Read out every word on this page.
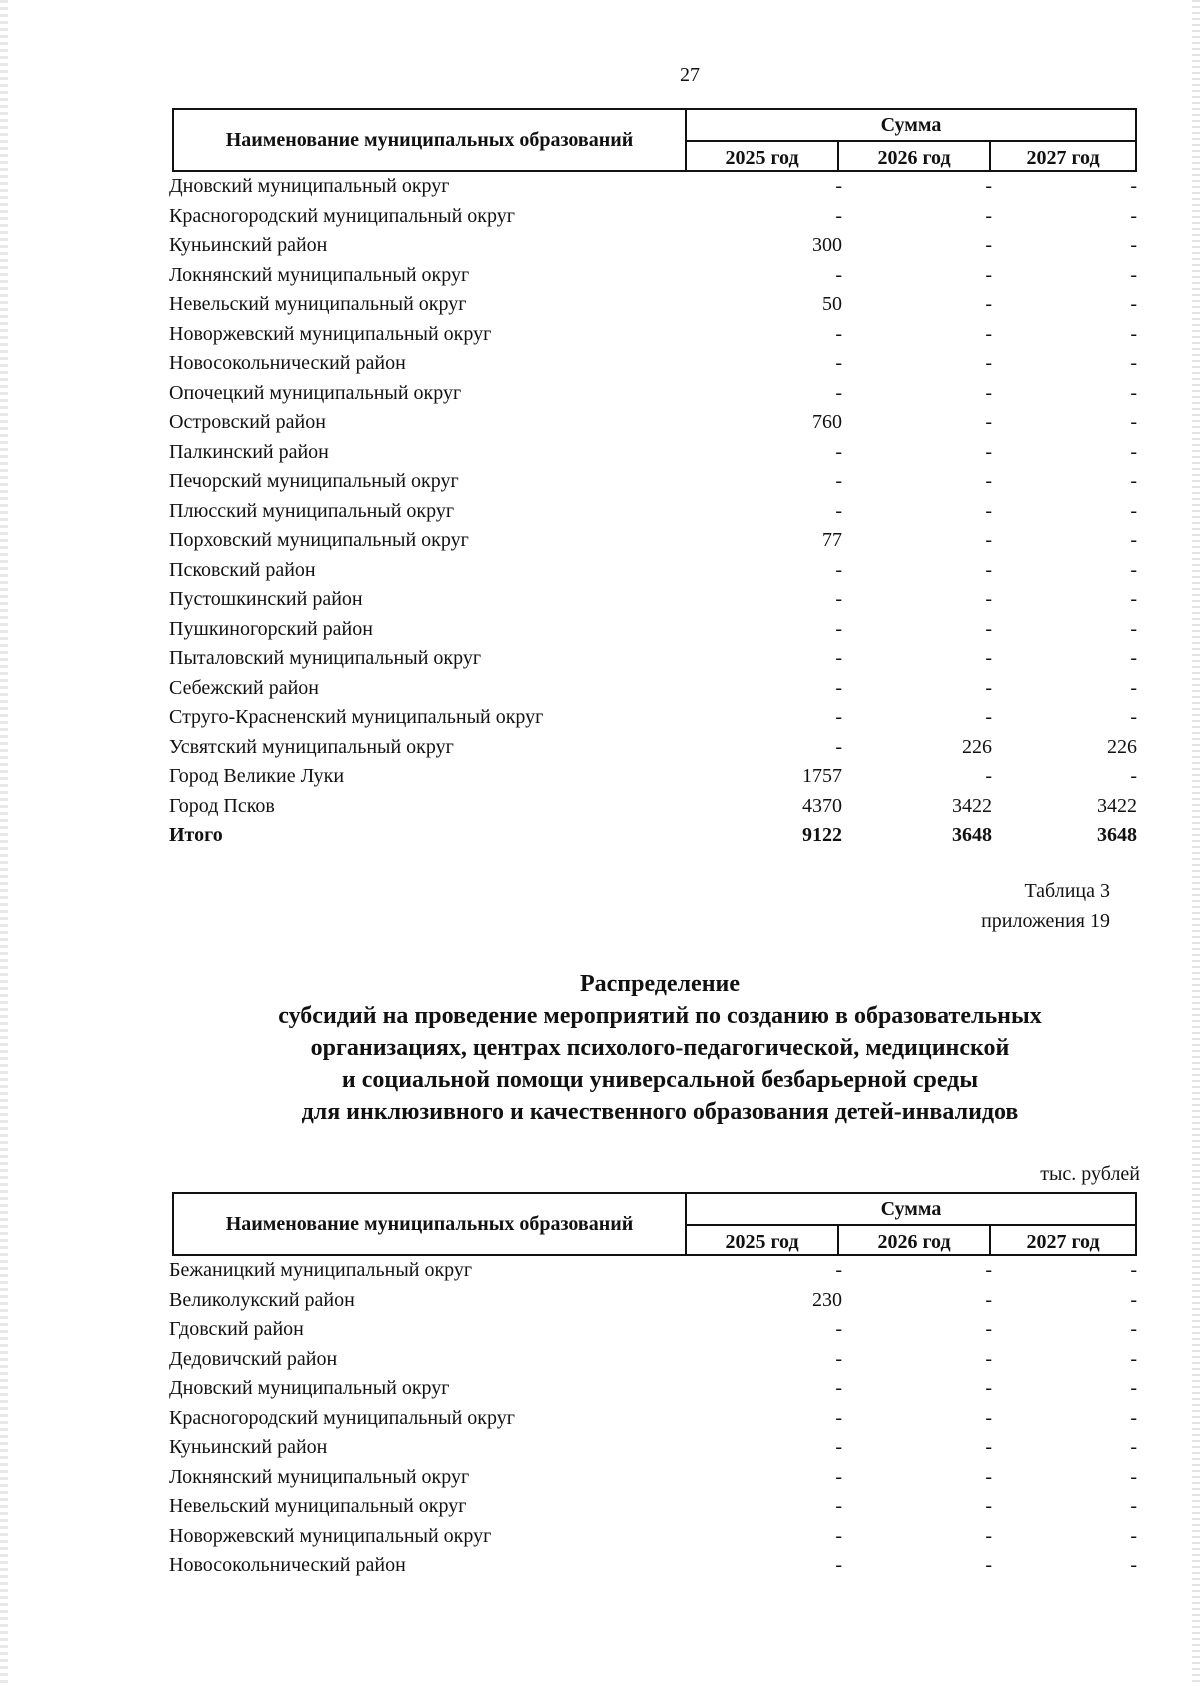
27
Наименование муниципальных образований
Сумма
2025 год	2026 год	2027 год
Дновский муниципальный округ	-	-	-
Красногородский муниципальный округ	-	-	-
Куньинский район	300	-	-
Локнянский муниципальный округ	-	-	-
Невельский муниципальный округ	50	-	-
Новоржевский муниципальный округ	-	-	-
Новосокольнический район	-	-	-
Опочецкий муниципальный округ	-	-	-
Островский район	760	-	-
Палкинский район	-	-	-
Печорский муниципальный округ	-	-	-
Плюсский муниципальный округ	-	-	-
Порховский муниципальный округ	77	-	-
Псковский район	-	-	-
Пустошкинский район	-	-	-
Пушкиногорский район	-	-	-
Пыталовский муниципальный округ	-	-	-
Себежский район	-	-	-
Струго-Красненский муниципальный округ	-	-	-
Усвятский муниципальный округ	-	226	226
Город Великие Луки	1757	-	-
Город Псков	4370	3422	3422
Итого	9122	3648	3648
Таблица 3
приложения 19
Распределение
субсидий на проведение мероприятий по созданию в образовательных
организациях, центрах психолого-педагогической, медицинской
и социальной помощи универсальной безбарьерной среды
для инклюзивного и качественного образования детей-инвалидов
тыс. рублей
Наименование муниципальных образований
Сумма
2025 год	2026 год	2027 год
Бежаницкий муниципальный округ	-	-	-
Великолукский район	230	-	-
Гдовский район	-	-	-
Дедовичский район	-	-	-
Дновский муниципальный округ	-	-	-
Красногородский муниципальный округ	-	-	-
Куньинский район	-	-	-
Локнянский муниципальный округ	-	-	-
Невельский муниципальный округ	-	-	-
Новоржевский муниципальный округ	-	-	-
Новосокольнический район	-	-	-
